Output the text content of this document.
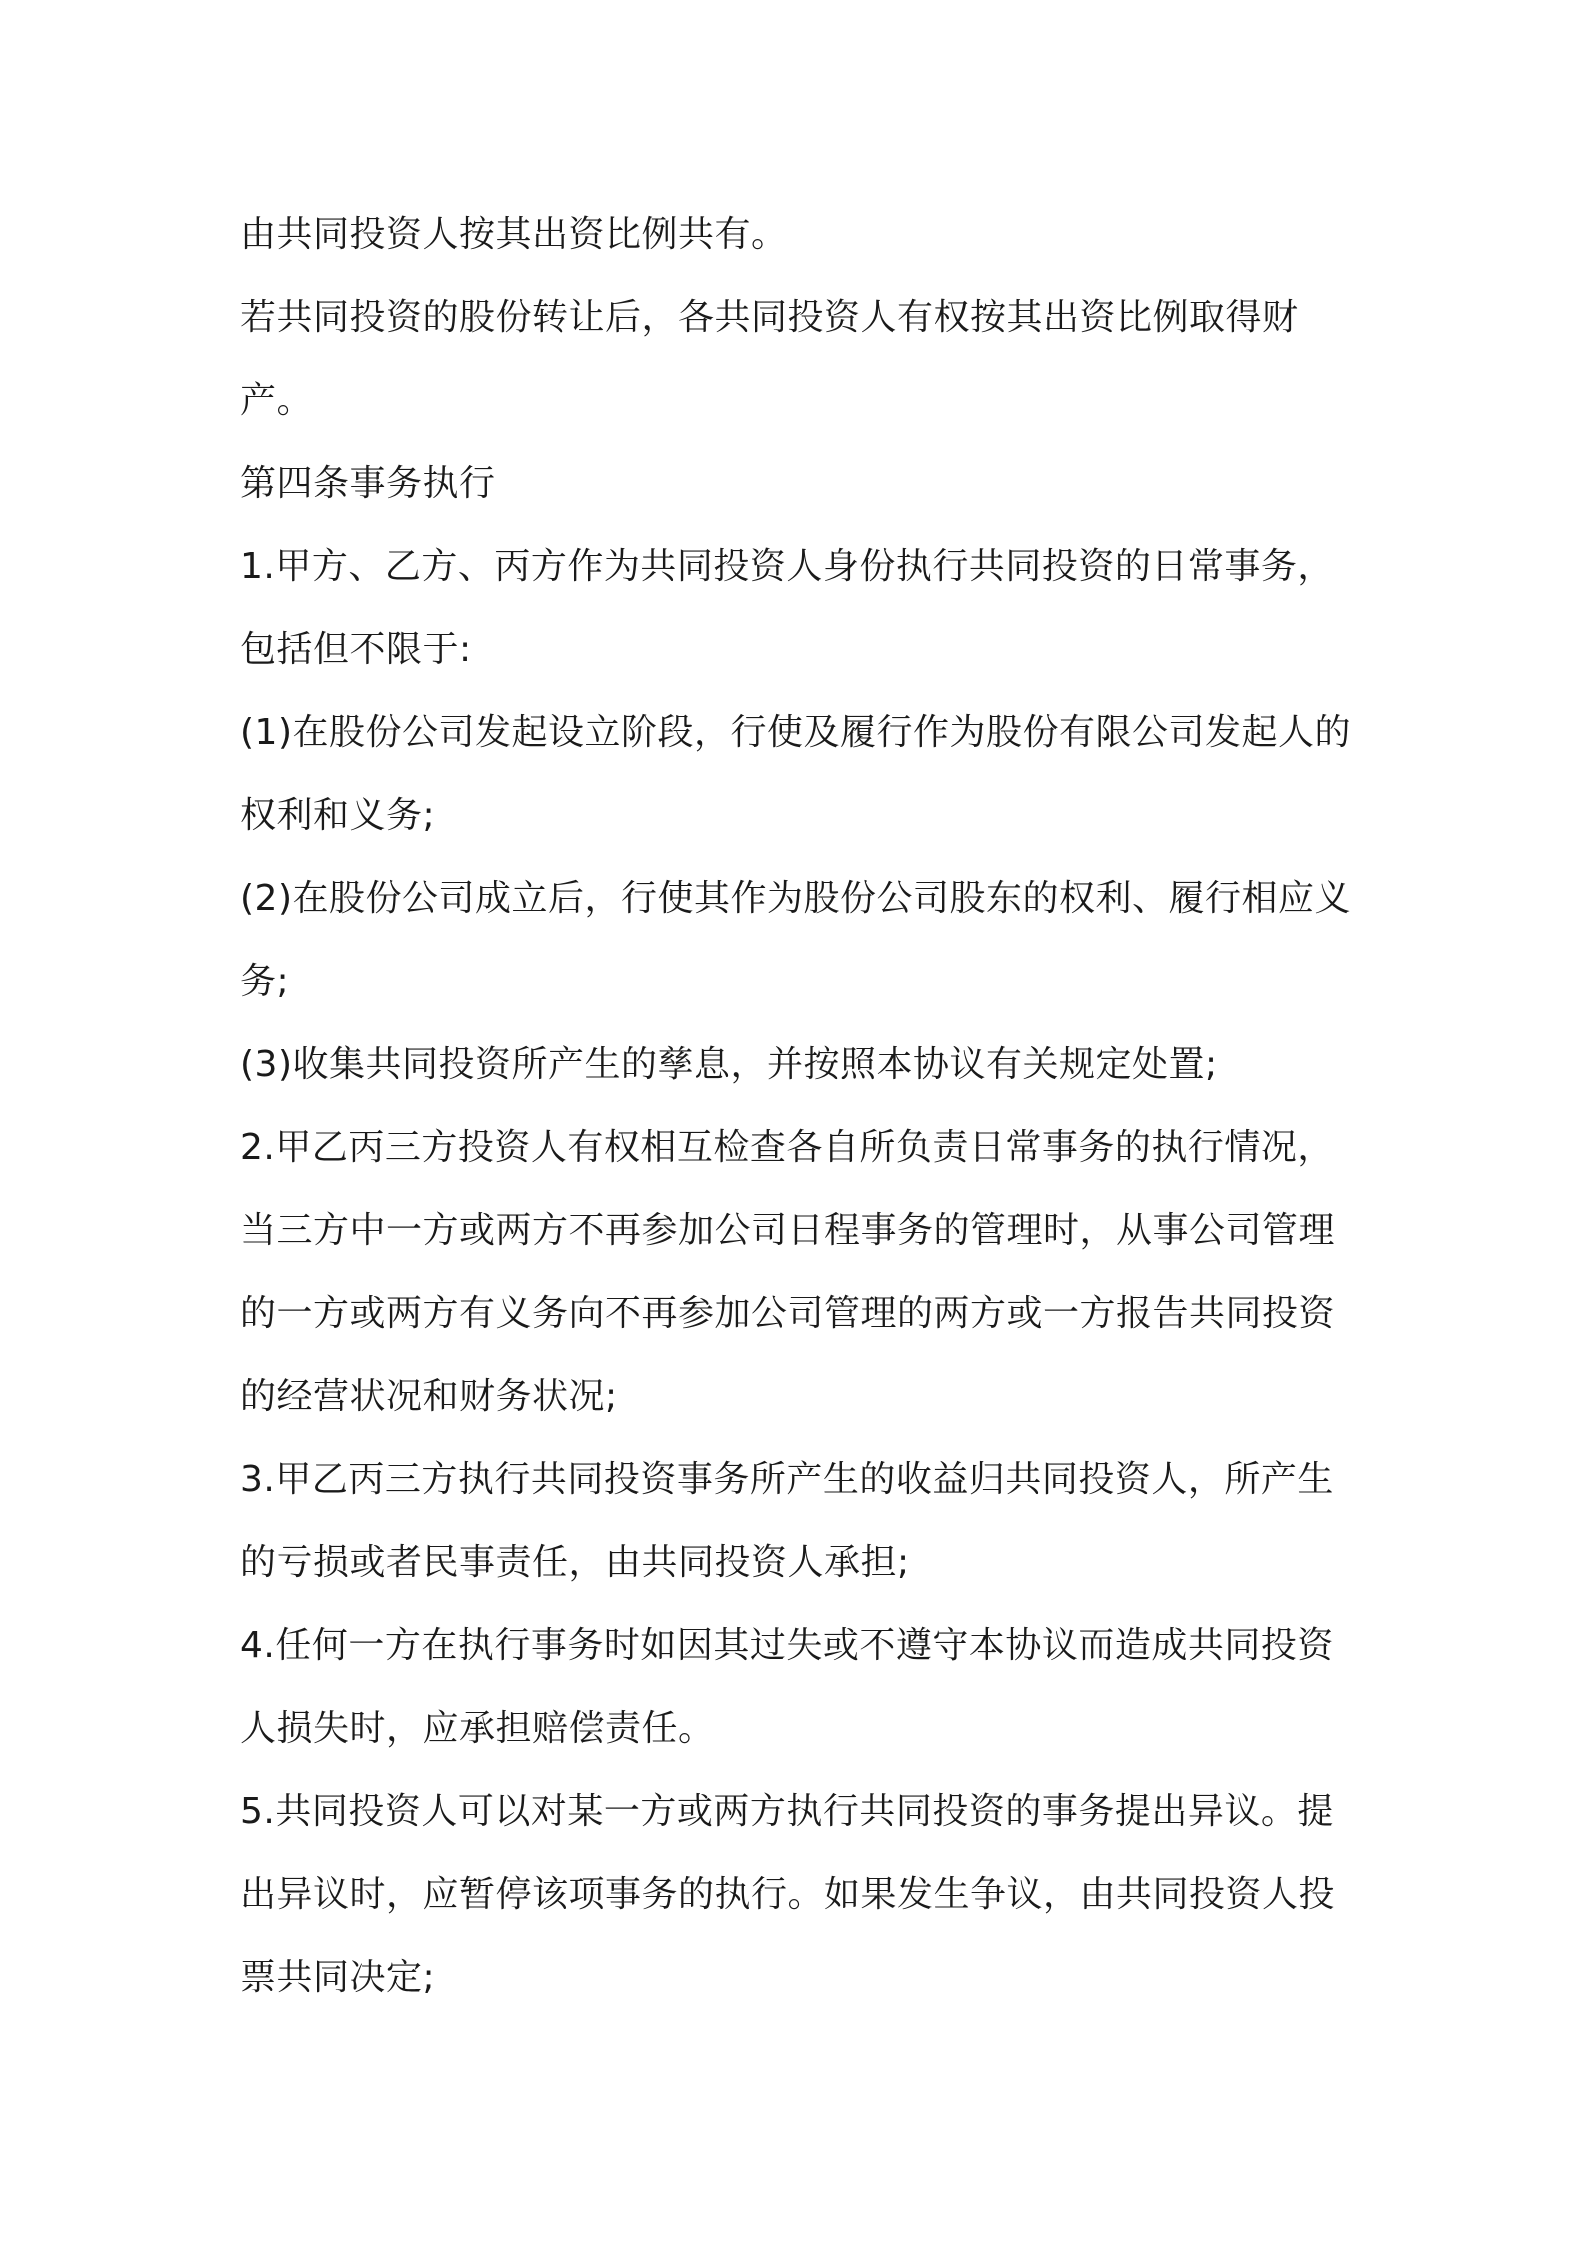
由共同投资人按其出资比例共有。

若共同投资的股份转让后，各共同投资人有权按其出资比例取得财产。

第四条事务执行

1.甲方、乙方、丙方作为共同投资人身份执行共同投资的日常事务，包括但不限于:

(1)在股份公司发起设立阶段，行使及履行作为股份有限公司发起人的权利和义务;

(2)在股份公司成立后，行使其作为股份公司股东的权利、履行相应义务;

(3)收集共同投资所产生的孳息，并按照本协议有关规定处置;

2.甲乙丙三方投资人有权相互检查各自所负责日常事务的执行情况，当三方中一方或两方不再参加公司日程事务的管理时，从事公司管理的一方或两方有义务向不再参加公司管理的两方或一方报告共同投资的经营状况和财务状况;

3.甲乙丙三方执行共同投资事务所产生的收益归共同投资人，所产生的亏损或者民事责任，由共同投资人承担;

4.任何一方在执行事务时如因其过失或不遵守本协议而造成共同投资人损失时，应承担赔偿责任。

5.共同投资人可以对某一方或两方执行共同投资的事务提出异议。提出异议时，应暂停该项事务的执行。如果发生争议，由共同投资人投票共同决定;
